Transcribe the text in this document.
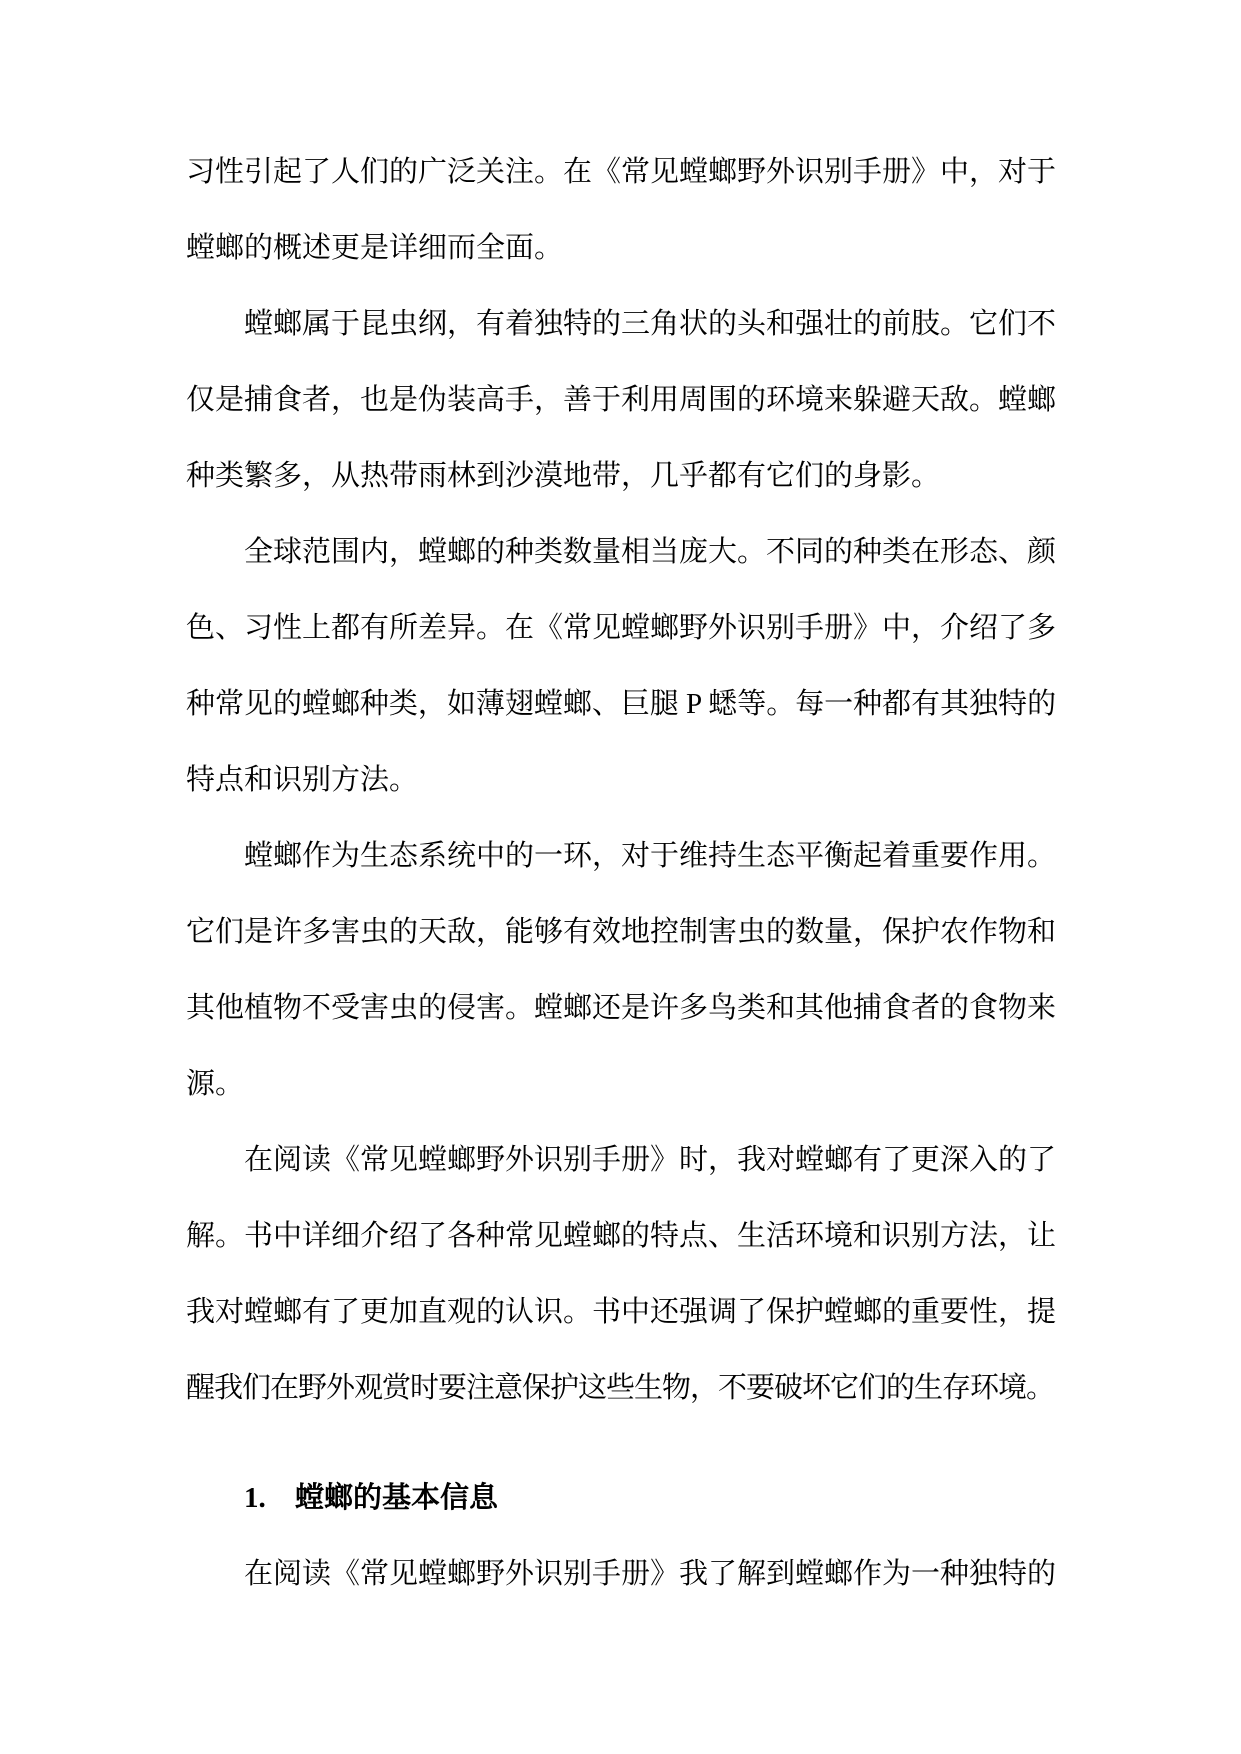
习性引起了人们的广泛关注。在《常见螳螂野外识别手册》中，对于
螳螂的概述更是详细而全面。
螳螂属于昆虫纲，有着独特的三角状的头和强壮的前肢。它们不
仅是捕食者，也是伪装高手，善于利用周围的环境来躲避天敌。螳螂
种类繁多，从热带雨林到沙漠地带，几乎都有它们的身影。
全球范围内，螳螂的种类数量相当庞大。不同的种类在形态、颜
色、习性上都有所差异。在《常见螳螂野外识别手册》中，介绍了多
种常见的螳螂种类，如薄翅螳螂、巨腿 P 蟋等。每一种都有其独特的
特点和识别方法。
螳螂作为生态系统中的一环，对于维持生态平衡起着重要作用。
它们是许多害虫的天敌，能够有效地控制害虫的数量，保护农作物和
其他植物不受害虫的侵害。螳螂还是许多鸟类和其他捕食者的食物来
源。
在阅读《常见螳螂野外识别手册》时，我对螳螂有了更深入的了
解。书中详细介绍了各种常见螳螂的特点、生活环境和识别方法，让
我对螳螂有了更加直观的认识。书中还强调了保护螳螂的重要性，提
醒我们在野外观赏时要注意保护这些生物，不要破坏它们的生存环境。
1. 螳螂的基本信息
在阅读《常见螳螂野外识别手册》我了解到螳螂作为一种独特的
